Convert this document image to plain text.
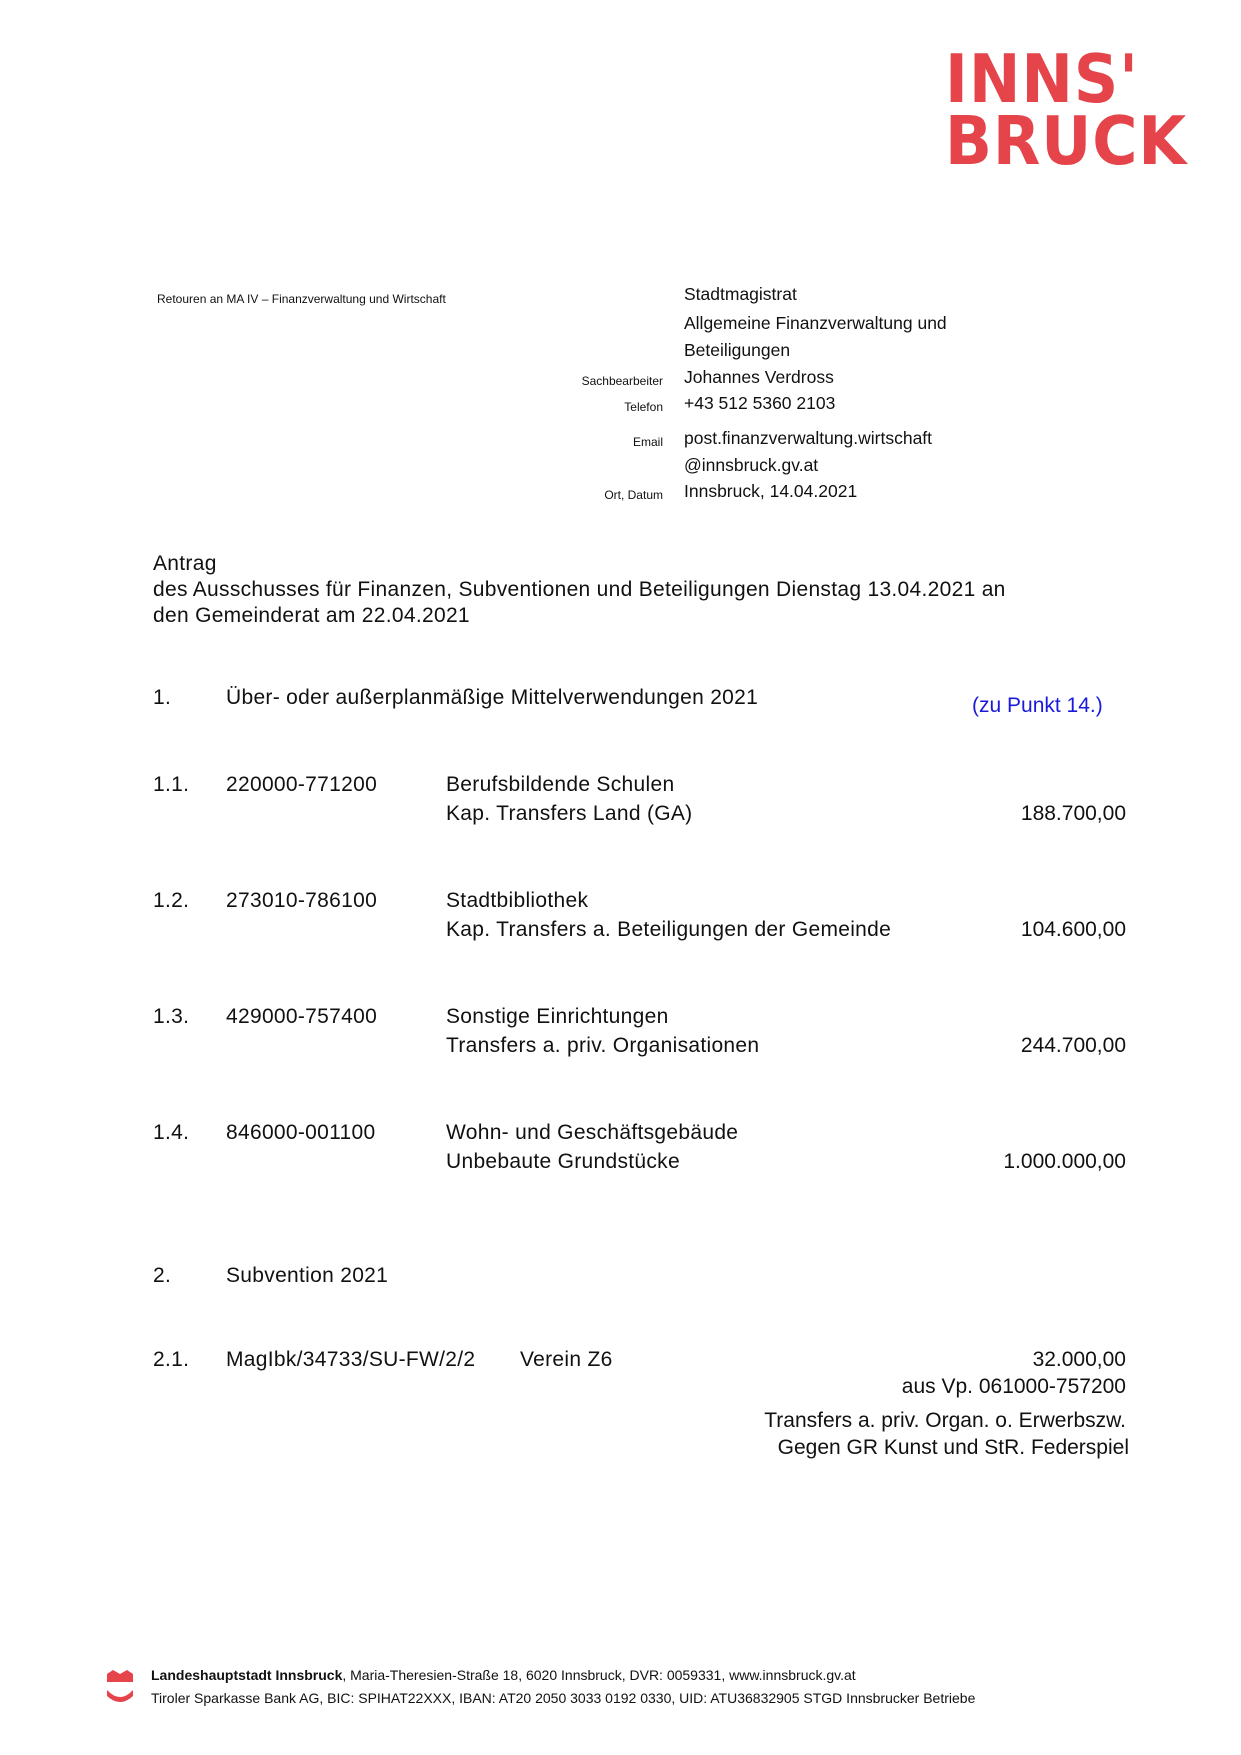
INNS'
BRUCK
Retouren an MA IV – Finanzverwaltung und Wirtschaft	Stadtmagistrat
Allgemeine Finanzverwaltung und
Beteiligungen
Sachbearbeiter Johannes Verdross
Telefon +43 512 5360 2103
Email post.finanzverwaltung.wirtschaft
@innsbruck.gv.at
Ort, Datum Innsbruck, 14.04.2021
Antrag
des Ausschusses für Finanzen, Subventionen und Beteiligungen Dienstag 13.04.2021 an
den Gemeinderat am 22.04.2021
1.	Über- oder außerplanmäßige Mittelverwendungen 2021	(zu Punkt 14.)
1.1. 220000-771200	Berufsbildende Schulen
Kap. Transfers Land (GA)	188.700,00
1.2. 273010-786100	Stadtbibliothek
Kap. Transfers a. Beteiligungen der Gemeinde	104.600,00
1.3. 429000-757400	Sonstige Einrichtungen
Transfers a. priv. Organisationen	244.700,00
1.4. 846000-001100	Wohn- und Geschäftsgebäude
Unbebaute Grundstücke	1.000.000,00
2.	Subvention 2021
2.1. MagIbk/34733/SU-FW/2/2 Verein Z6	32.000,00
aus Vp. 061000-757200
Transfers a. priv. Organ. o. Erwerbszw.
Gegen GR Kunst und StR. Federspiel
Landeshauptstadt Innsbruck, Maria-Theresien-Straße 18, 6020 Innsbruck, DVR: 0059331, www.innsbruck.gv.at
Tiroler Sparkasse Bank AG, BIC: SPIHAT22XXX, IBAN: AT20 2050 3033 0192 0330, UID: ATU36832905 STGD Innsbrucker Betriebe
